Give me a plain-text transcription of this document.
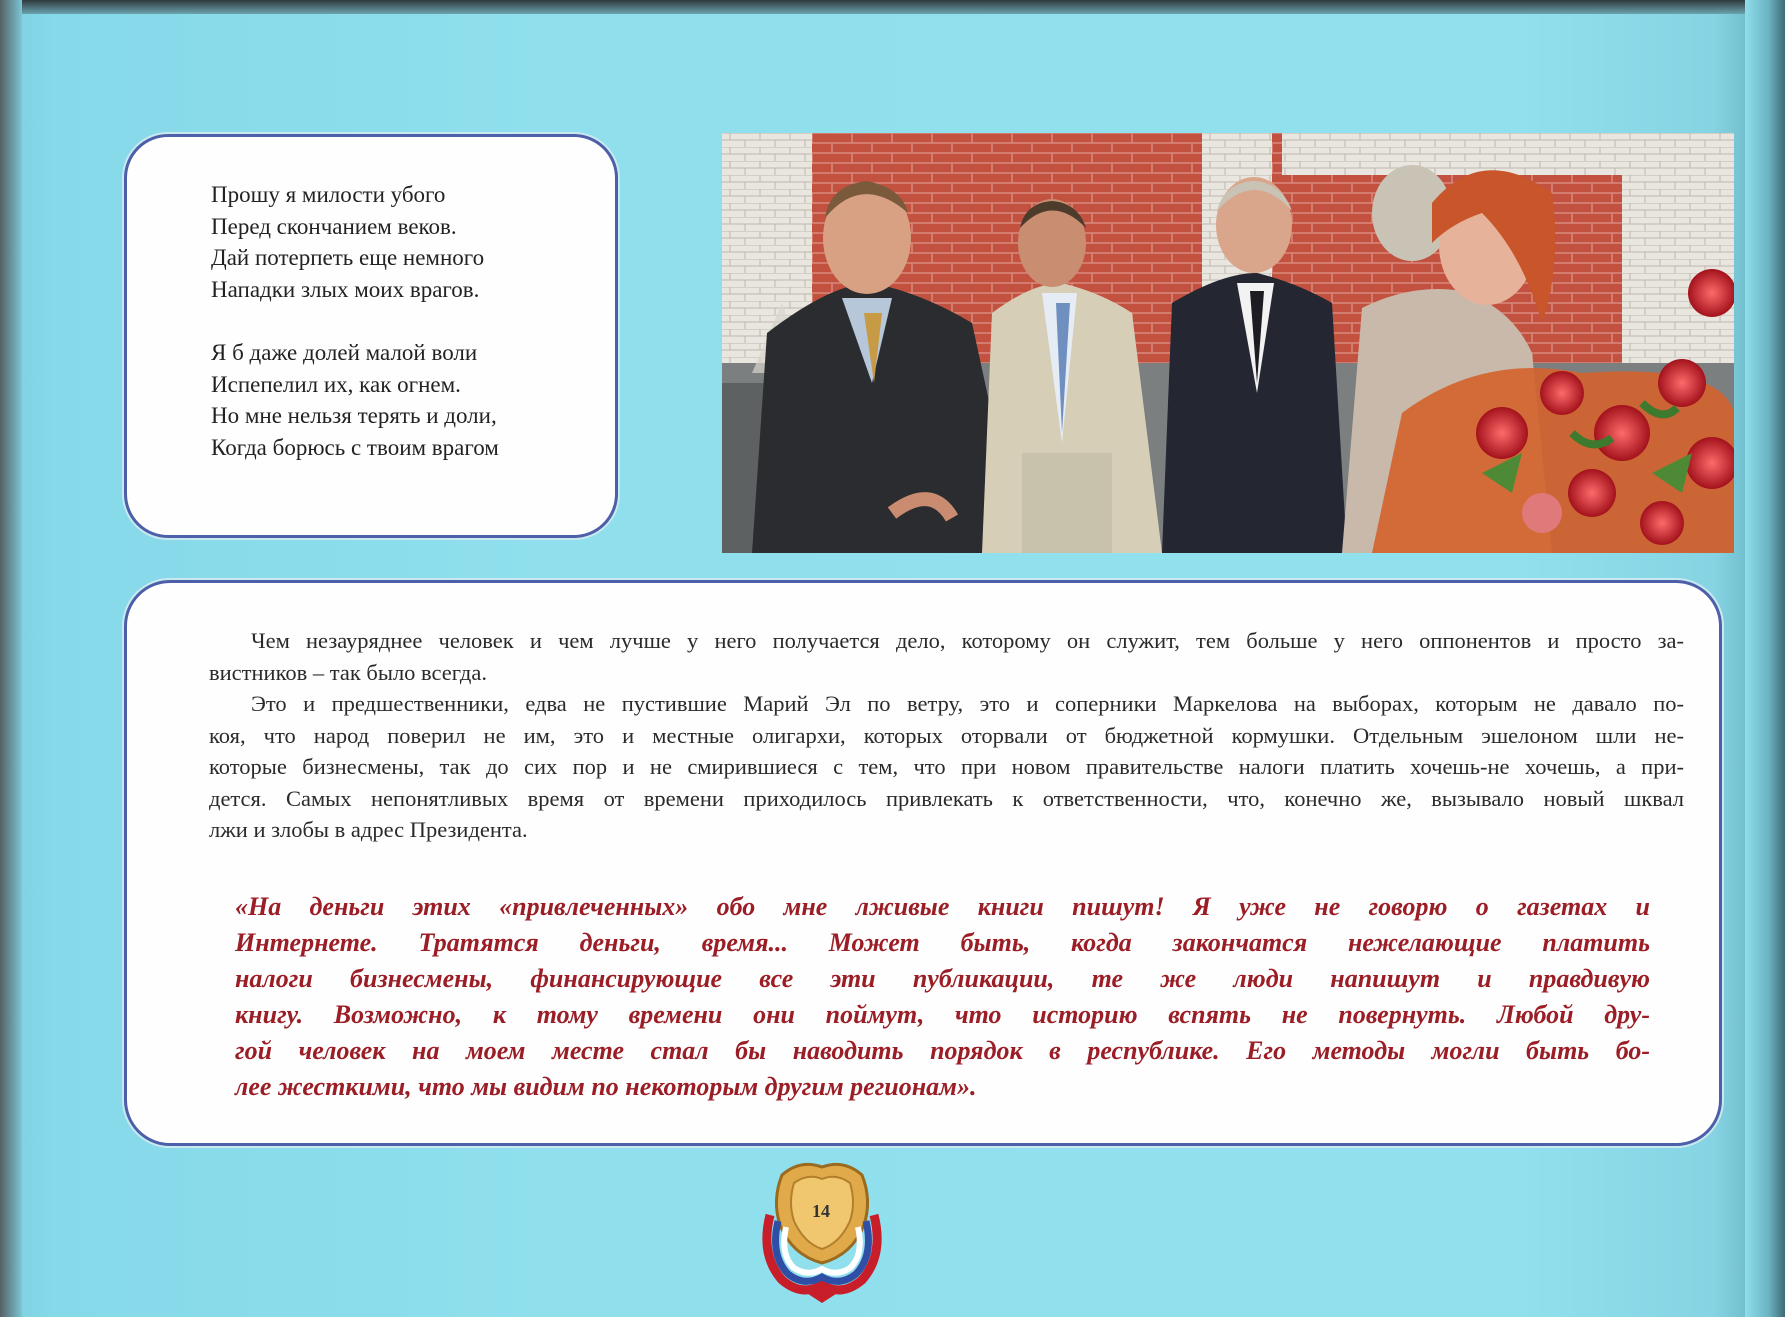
Прошу я милости убого
Перед скончанием веков.
Дай потерпеть еще немного
Нападки злых моих врагов.
Я б даже долей малой воли
Испепелил их, как огнем.
Но мне нельзя терять и доли,
Когда борюсь с твоим врагом
Чем незауряднее человек и чем лучше у него получается дело, которому он служит, тем больше у него оппонентов и просто за-
вистников – так было всегда.
Это и предшественники, едва не пустившие Марий Эл по ветру, это и соперники Маркелова на выборах, которым не давало по-
коя, что народ поверил не им, это и местные олигархи, которых оторвали от бюджетной кормушки. Отдельным эшелоном шли не-
которые бизнесмены, так до сих пор и не смирившиеся с тем, что при новом правительстве налоги платить хочешь-не хочешь, а при-
дется. Самых непонятливых время от времени приходилось привлекать к ответственности, что, конечно же, вызывало новый шквал
лжи и злобы в адрес Президента.
«На деньги этих «привлеченных» обо мне лживые книги пишут! Я уже не говорю о газетах и
Интернете. Тратятся деньги, время... Может быть, когда закончатся нежелающие платить
налоги бизнесмены, финансирующие все эти публикации, те же люди напишут и правдивую
книгу. Возможно, к тому времени они поймут, что историю вспять не повернуть. Любой дру-
гой человек на моем месте стал бы наводить порядок в республике. Его методы могли быть бо-
лее жесткими, что мы видим по некоторым другим регионам».
14
